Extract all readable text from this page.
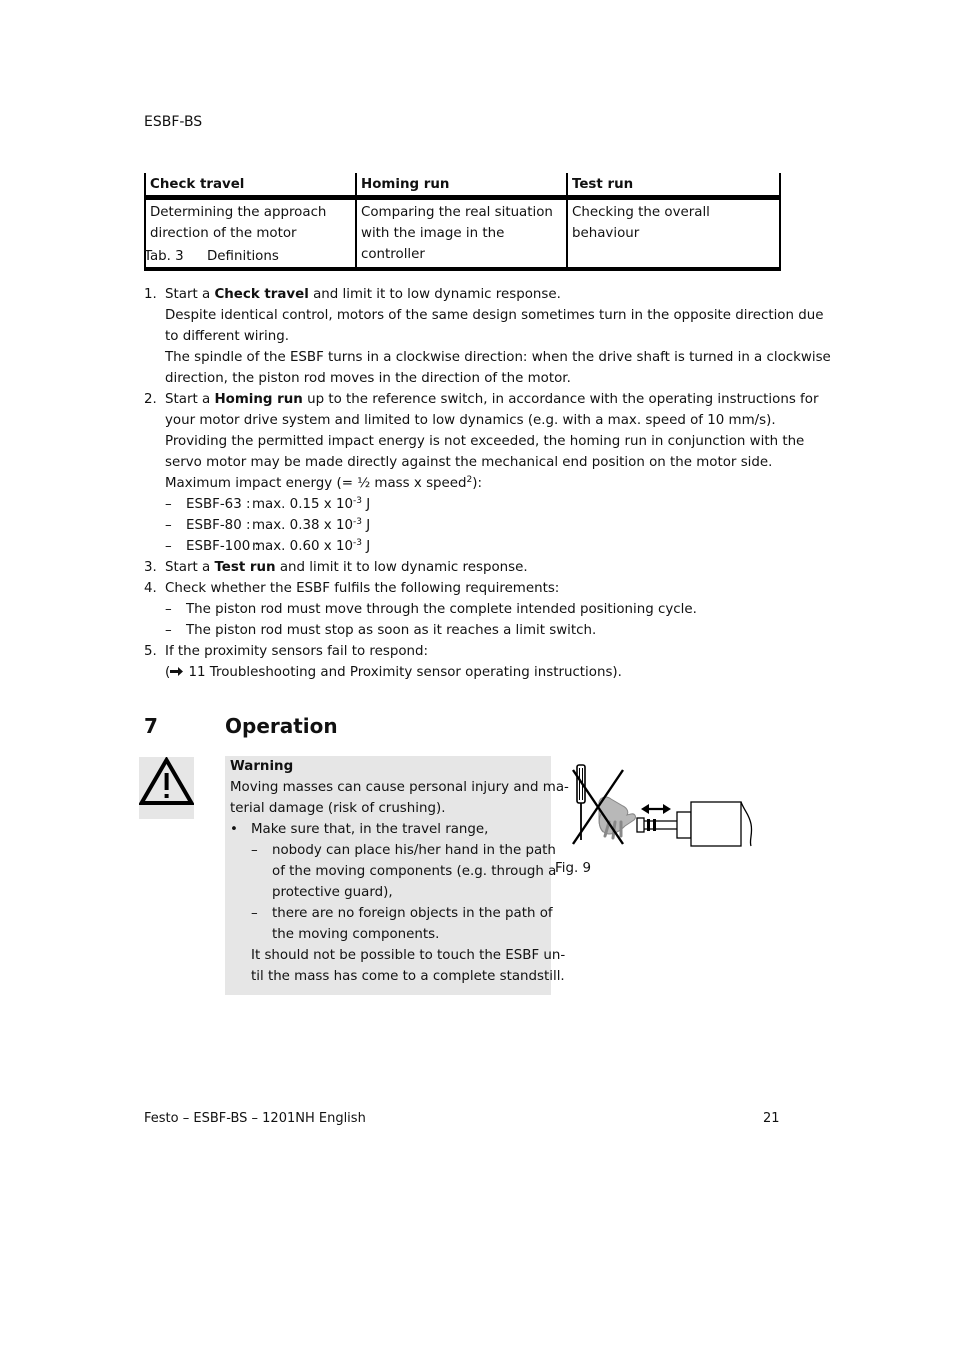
ESBF-BS
Check travel	Homing run	Test run
Determining the approach direction of the motor	Comparing the real situation with the image in the controller	Checking the overall behaviour
Tab. 3 Definitions
1. Start a Check travel and limit it to low dynamic response.
Despite identical control, motors of the same design sometimes turn in the opposite direction due
to different wiring.
The spindle of the ESBF turns in a clockwise direction: when the drive shaft is turned in a clockwise
direction, the piston rod moves in the direction of the motor.
2. Start a Homing run up to the reference switch, in accordance with the operating instructions for
your motor drive system and limited to low dynamics (e.g. with a max. speed of 10 mm/s).
Providing the permitted impact energy is not exceeded, the homing run in conjunction with the
servo motor may be made directly against the mechanical end position on the motor side.
Maximum impact energy (= ½ mass x speed$^2$):
– ESBF-63 : max. 0.15 x $10^{-3}$ J
– ESBF-80 : max. 0.38 x $10^{-3}$ J
– ESBF-100 :max. 0.60 x $10^{-3}$ J
3. Start a Test run and limit it to low dynamic response.
4. Check whether the ESBF fulfils the following requirements:
– The piston rod must move through the complete intended positioning cycle.
– The piston rod must stop as soon as it reaches a limit switch.
5. If the proximity sensors fail to respond:
( 11 Troubleshooting and Proximity sensor operating instructions).
7	Operation
Warning
Moving masses can cause personal injury and ma-
terial damage (risk of crushing).
• Make sure that, in the travel range,
– nobody can place his/her hand in the path
of the moving components (e.g. through a
protective guard),
– there are no foreign objects in the path of
the moving components.
It should not be possible to touch the ESBF un-
til the mass has come to a complete standstill.
Fig. 9
Festo – ESBF-BS – 1201NH English	21
